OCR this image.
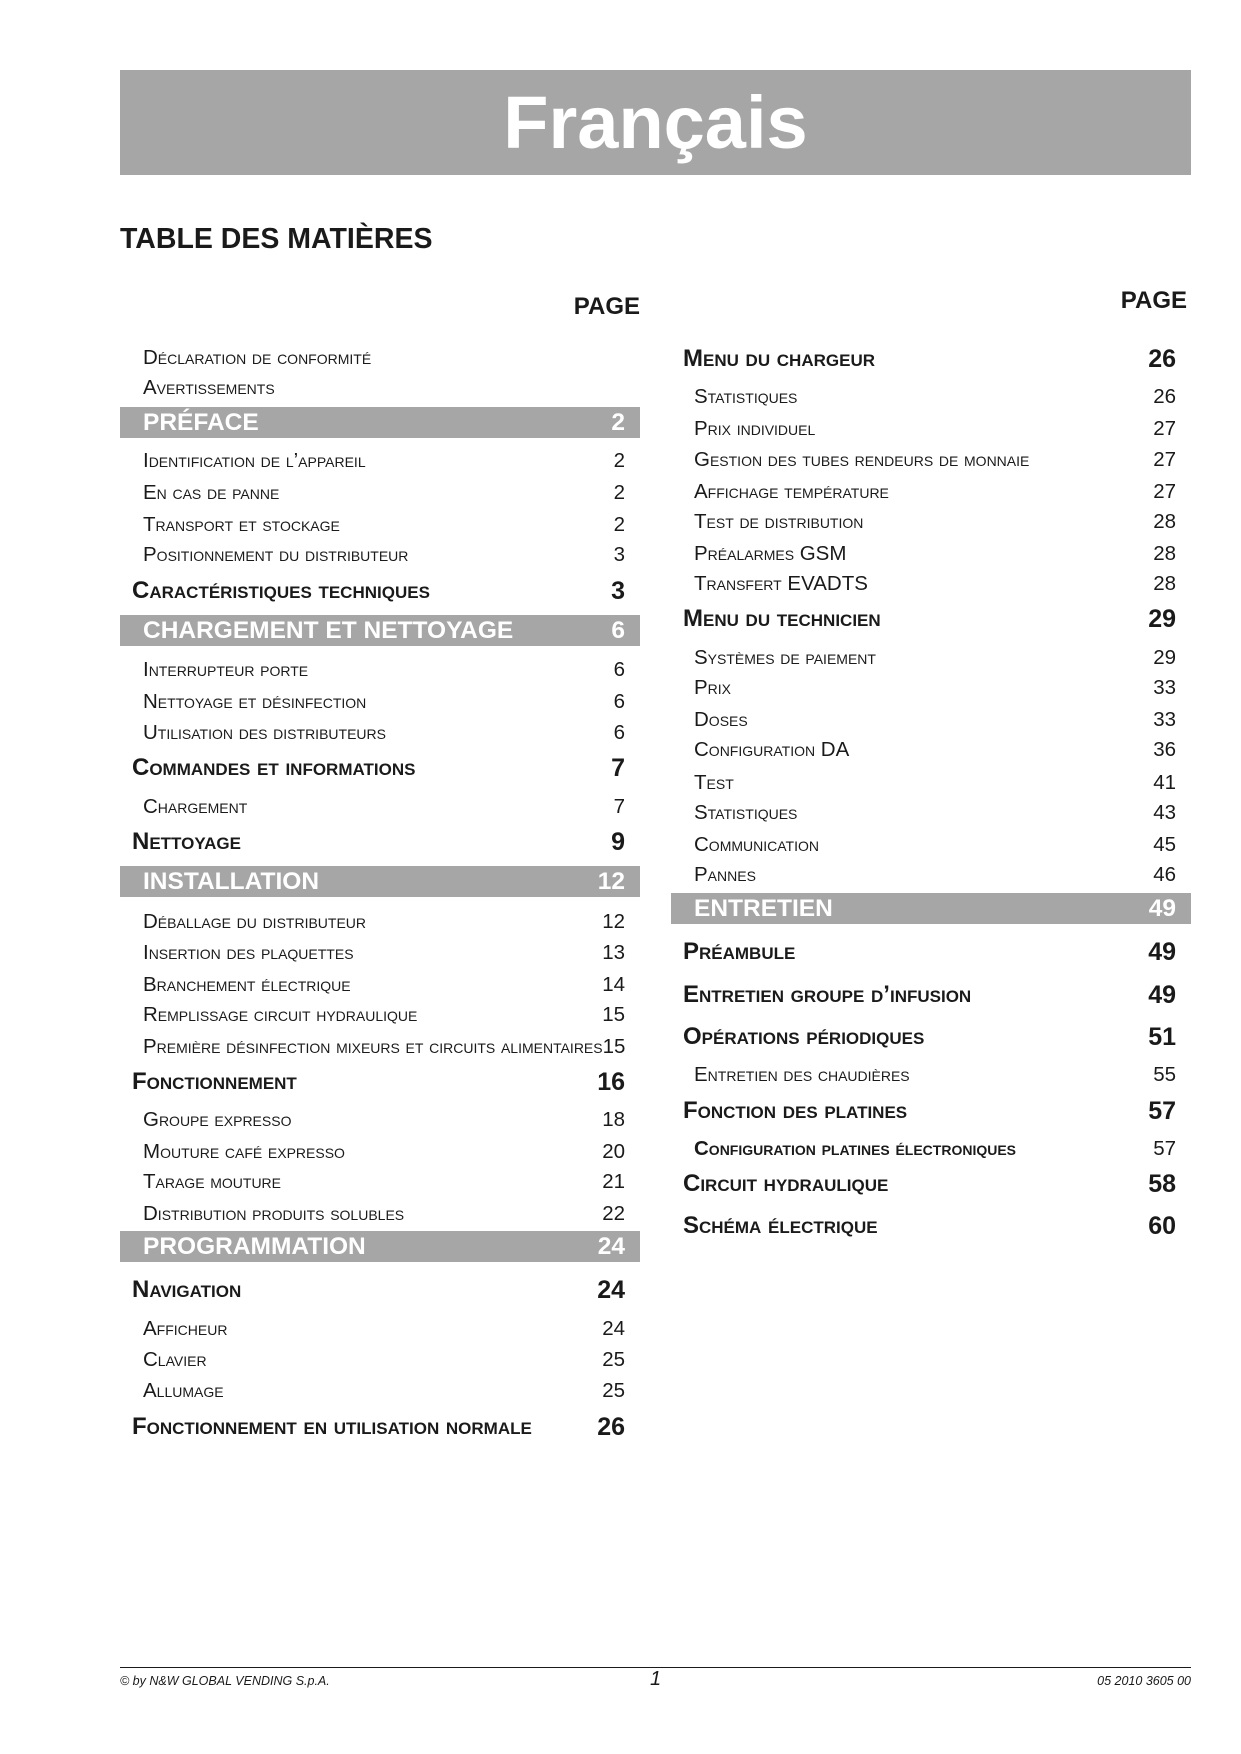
Français
TABLE DES MATIÈRES
PAGE	PAGE
Déclaration de conformité
Avertissements
PRÉFACE	2
Identification de l’appareil	2
En cas de panne	2
Transport et stockage	2
Positionnement du distributeur	3
Caractéristiques techniques	3
CHARGEMENT ET NETTOYAGE	6
Interrupteur porte	6
Nettoyage et désinfection	6
Utilisation des distributeurs	6
Commandes et informations	7
Chargement	7
Nettoyage	9
INSTALLATION	12
Déballage du distributeur	12
Insertion des plaquettes	13
Branchement électrique	14
Remplissage circuit hydraulique	15
Première désinfection mixeurs et circuits alimentaires 15
Fonctionnement	16
Groupe expresso	18
Mouture café expresso	20
Tarage mouture	21
Distribution produits solubles	22
PROGRAMMATION	24
Navigation	24
Afficheur	24
Clavier	25
Allumage	25
Fonctionnement en utilisation normale	26
Menu du chargeur	26
Statistiques	26
Prix individuel	27
Gestion des tubes rendeurs de monnaie	27
Affichage température	27
Test de distribution	28
Préalarmes GSM	28
Transfert EVADTS	28
Menu du technicien	29
Systèmes de paiement	29
Prix	33
Doses	33
Configuration DA	36
Test	41
Statistiques	43
Communication	45
Pannes	46
ENTRETIEN	49
Préambule	49
Entretien groupe d’infusion	49
Opérations périodiques	51
Entretien des chaudières	55
Fonction des platines	57
Configuration platines électroniques	57
Circuit hydraulique	58
Schéma électrique	60
© by N&W GLOBAL VENDING S.p.A.	1	05 2010 3605 00
